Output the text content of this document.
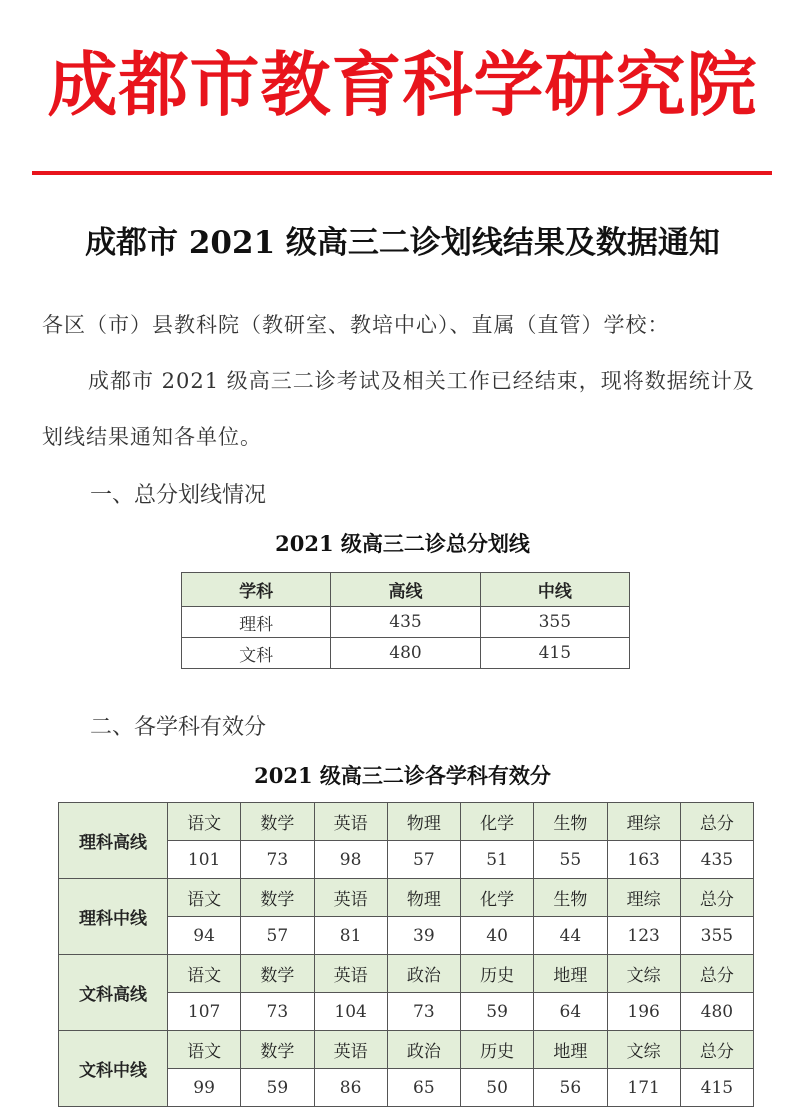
成都市教育科学研究院
成都市 2021 级高三二诊划线结果及数据通知
各区（市）县教科院（教研室、教培中心）、直属（直管）学校：
成都市 2021 级高三二诊考试及相关工作已经结束，现将数据统计及划线结果通知各单位。
一、总分划线情况
2021 级高三二诊总分划线
学科	高线	中线
理科	435	355
文科	480	415
二、各学科有效分
2021 级高三二诊各学科有效分
理科高线	语文	数学	英语	物理	化学	生物	理综	总分
	101	73	98	57	51	55	163	435
理科中线	语文	数学	英语	物理	化学	生物	理综	总分
	94	57	81	39	40	44	123	355
文科高线	语文	数学	英语	政治	历史	地理	文综	总分
	107	73	104	73	59	64	196	480
文科中线	语文	数学	英语	政治	历史	地理	文综	总分
	99	59	86	65	50	56	171	415
